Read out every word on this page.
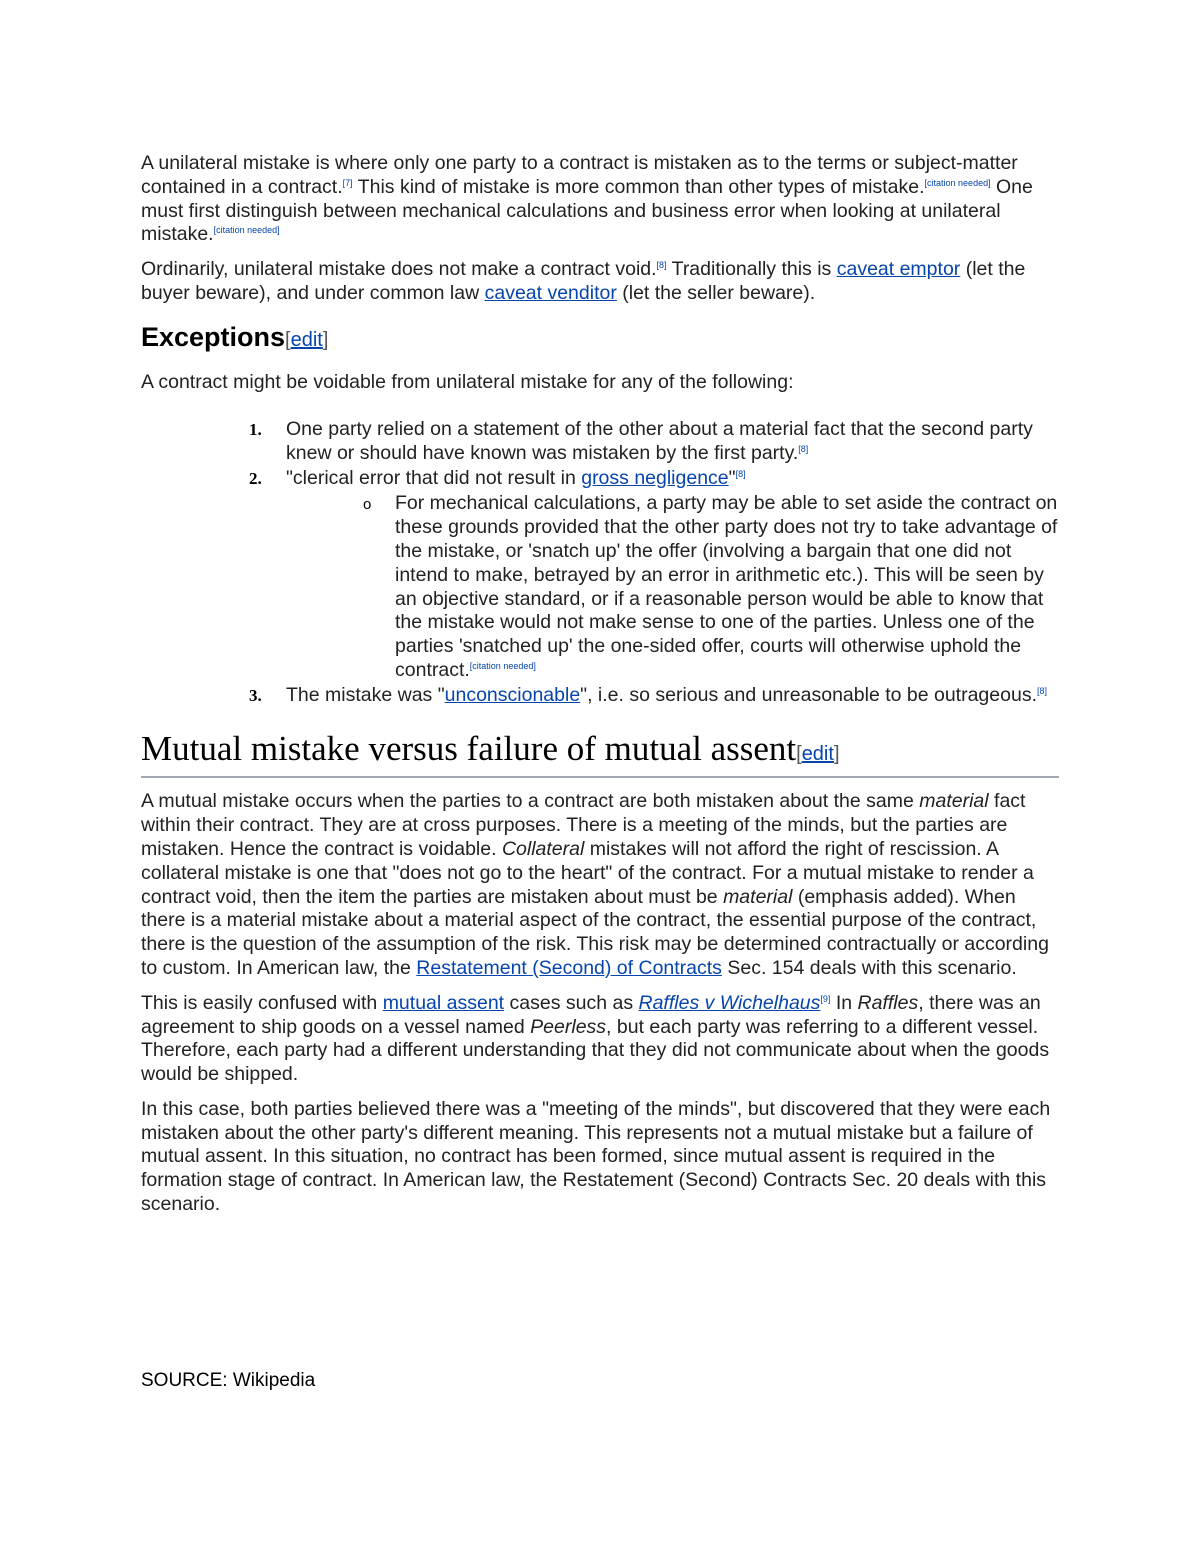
A unilateral mistake is where only one party to a contract is mistaken as to the terms or subject-matter contained in a contract.[7] This kind of mistake is more common than other types of mistake.[citation needed] One must first distinguish between mechanical calculations and business error when looking at unilateral mistake.[citation needed]

Ordinarily, unilateral mistake does not make a contract void.[8] Traditionally this is caveat emptor (let the buyer beware), and under common law caveat venditor (let the seller beware).

Exceptions[edit]

A contract might be voidable from unilateral mistake for any of the following:

1. One party relied on a statement of the other about a material fact that the second party knew or should have known was mistaken by the first party.[8]
2. "clerical error that did not result in gross negligence"[8]
o For mechanical calculations, a party may be able to set aside the contract on these grounds provided that the other party does not try to take advantage of the mistake, or 'snatch up' the offer (involving a bargain that one did not intend to make, betrayed by an error in arithmetic etc.). This will be seen by an objective standard, or if a reasonable person would be able to know that the mistake would not make sense to one of the parties. Unless one of the parties 'snatched up' the one-sided offer, courts will otherwise uphold the contract.[citation needed]
3. The mistake was "unconscionable", i.e. so serious and unreasonable to be outrageous.[8]
Mutual mistake versus failure of mutual assent[edit]

A mutual mistake occurs when the parties to a contract are both mistaken about the same material fact within their contract. They are at cross purposes. There is a meeting of the minds, but the parties are mistaken. Hence the contract is voidable. Collateral mistakes will not afford the right of rescission. A collateral mistake is one that "does not go to the heart" of the contract. For a mutual mistake to render a contract void, then the item the parties are mistaken about must be material (emphasis added). When there is a material mistake about a material aspect of the contract, the essential purpose of the contract, there is the question of the assumption of the risk. This risk may be determined contractually or according to custom. In American law, the Restatement (Second) of Contracts Sec. 154 deals with this scenario.

This is easily confused with mutual assent cases such as Raffles v Wichelhaus[9] In Raffles, there was an agreement to ship goods on a vessel named Peerless, but each party was referring to a different vessel. Therefore, each party had a different understanding that they did not communicate about when the goods would be shipped.

In this case, both parties believed there was a "meeting of the minds", but discovered that they were each mistaken about the other party's different meaning. This represents not a mutual mistake but a failure of mutual assent. In this situation, no contract has been formed, since mutual assent is required in the formation stage of contract. In American law, the Restatement (Second) Contracts Sec. 20 deals with this scenario.

SOURCE: Wikipedia
